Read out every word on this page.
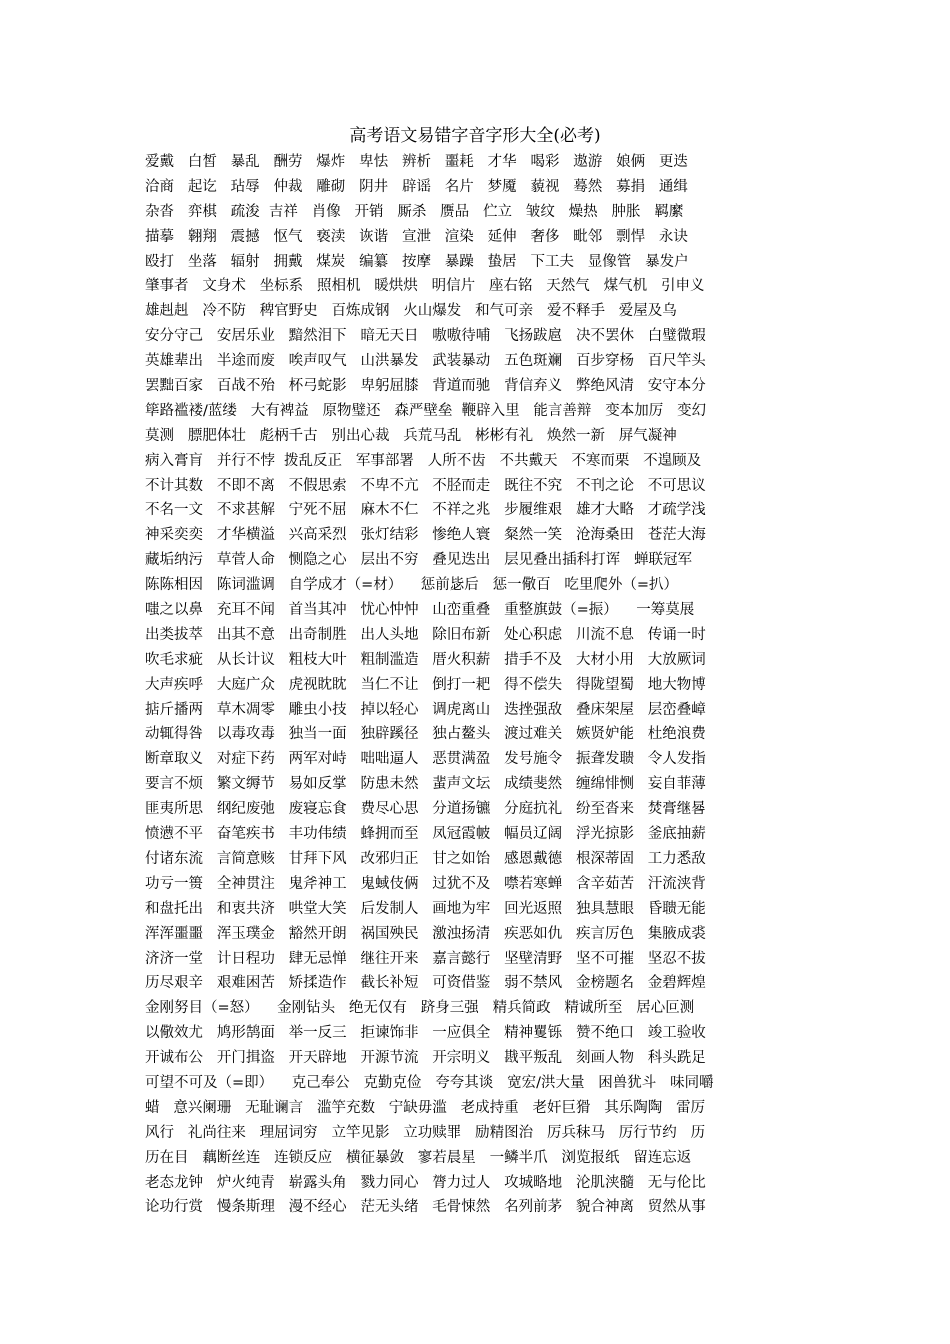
高考语文易错字音字形大全(必考)
爱戴   白皙   暴乱   酬劳   爆炸   卑怯   辨析   噩耗   才华   喝彩   遨游   娘俩   更迭
洽商   起讫   玷辱   仲裁   雕砌   阴井   辟谣   名片   梦魇   藐视   蓦然   募捐   通缉
杂沓   弈棋   疏浚  吉祥   肖像   开销   厮杀   赝品   伫立   皱纹   燥热   肿胀   羁縻
描摹   翱翔   震撼   怄气   亵渎   诙谐   宣泄   渲染   延伸   奢侈   毗邻   剽悍   永诀
殴打   坐落   辐射   拥戴   煤炭   编纂   按摩   暴躁   蛰居   下工夫   显像管   暴发户
肇事者   文身术   坐标系   照相机   暖烘烘   明信片   座右铭   天然气   煤气机   引申义
雄赳赳   冷不防   稗官野史   百炼成钢   火山爆发   和气可亲   爱不释手   爱屋及乌
安分守己   安居乐业   黯然泪下   暗无天日   嗷嗷待哺   飞扬跋扈   决不罢休   白璧微瑕
英雄辈出   半途而废   唉声叹气   山洪暴发   武装暴动   五色斑斓   百步穿杨   百尺竿头
罢黜百家   百战不殆   杯弓蛇影   卑躬屈膝   背道而驰   背信弃义   弊绝风清   安守本分
筚路褴褛/蓝缕   大有裨益   原物璧还   森严壁垒  鞭辟入里   能言善辩   变本加厉   变幻
莫测   膘肥体壮   彪柄千古   别出心裁   兵荒马乱   彬彬有礼   焕然一新   屏气凝神
病入膏肓   并行不悖  拨乱反正   军事部署   人所不齿   不共戴天   不寒而栗   不遑顾及
不计其数   不即不离   不假思索   不卑不亢   不胫而走   既往不究   不刊之论   不可思议
不名一文   不求甚解   宁死不屈   麻木不仁   不祥之兆   步履维艰   雄才大略   才疏学浅
神采奕奕   才华横溢   兴高采烈   张灯结彩   惨绝人寰   粲然一笑   沧海桑田   苍茫大海
藏垢纳污   草菅人命   恻隐之心   层出不穷   叠见迭出   层见叠出插科打诨   蝉联冠军
陈陈相因   陈词滥调   自学成才（=材）    惩前毖后   惩一儆百   吃里爬外（=扒）
嗤之以鼻   充耳不闻   首当其冲   忧心忡忡   山峦重叠   重整旗鼓（=振）    一筹莫展
出类拔萃   出其不意   出奇制胜   出人头地   除旧布新   处心积虑   川流不息   传诵一时
吹毛求疵   从长计议   粗枝大叶   粗制滥造   厝火积薪   措手不及   大材小用   大放厥词
大声疾呼   大庭广众   虎视眈眈   当仁不让   倒打一耙   得不偿失   得陇望蜀   地大物博
掂斤播两   草木凋零   雕虫小技   掉以轻心   调虎离山   迭挫强敌   叠床架屋   层峦叠嶂
动辄得咎   以毒攻毒   独当一面   独辟蹊径   独占鳌头   渡过难关   嫉贤妒能   杜绝浪费
断章取义   对症下药   两军对峙   咄咄逼人   恶贯满盈   发号施令   振聋发聩   令人发指
要言不烦   繁文缛节   易如反掌   防患未然   蜚声文坛   成绩斐然   缠绵悱恻   妄自菲薄
匪夷所思   纲纪废弛   废寝忘食   费尽心思   分道扬镳   分庭抗礼   纷至沓来   焚膏继晷
愤懑不平   奋笔疾书   丰功伟绩   蜂拥而至   凤冠霞帔   幅员辽阔   浮光掠影   釜底抽薪
付诸东流   言简意赅   甘拜下风   改邪归正   甘之如饴   感恩戴德   根深蒂固   工力悉敌
功亏一篑   全神贯注   鬼斧神工   鬼蜮伎俩   过犹不及   噤若寒蝉   含辛茹苦   汗流浃背
和盘托出   和衷共济   哄堂大笑   后发制人   画地为牢   回光返照   独具慧眼   昏聩无能
浑浑噩噩   浑玉璞金   豁然开朗   祸国殃民   激浊扬清   疾恶如仇   疾言厉色   集腋成裘
济济一堂   计日程功   肆无忌惮   继往开来   嘉言懿行   坚壁清野   坚不可摧   坚忍不拔
历尽艰辛   艰难困苦   矫揉造作   截长补短   可资借鉴   弱不禁风   金榜题名   金碧辉煌
金刚努目（=怒）    金刚钻头   绝无仅有   跻身三强   精兵简政   精诚所至   居心叵测
以儆效尤   鸠形鹄面   举一反三   拒谏饰非   一应俱全   精神矍铄   赞不绝口   竣工验收
开诚布公   开门揖盗   开天辟地   开源节流   开宗明义   戡平叛乱   刻画人物   科头跣足
可望不可及（=即）    克己奉公   克勤克俭   夸夸其谈   宽宏/洪大量   困兽犹斗   味同嚼
蜡   意兴阑珊   无耻谰言   滥竽充数   宁缺毋滥   老成持重   老奸巨猾   其乐陶陶   雷厉
风行   礼尚往来   理屈词穷   立竿见影   立功赎罪   励精图治   厉兵秣马   厉行节约   历
历在目   藕断丝连   连锁反应   横征暴敛   寥若晨星   一鳞半爪   浏览报纸   留连忘返
老态龙钟   炉火纯青   崭露头角   戮力同心   膂力过人   攻城略地   沦肌浃髓   无与伦比
论功行赏   慢条斯理   漫不经心   茫无头绪   毛骨悚然   名列前茅   貌合神离   贸然从事
